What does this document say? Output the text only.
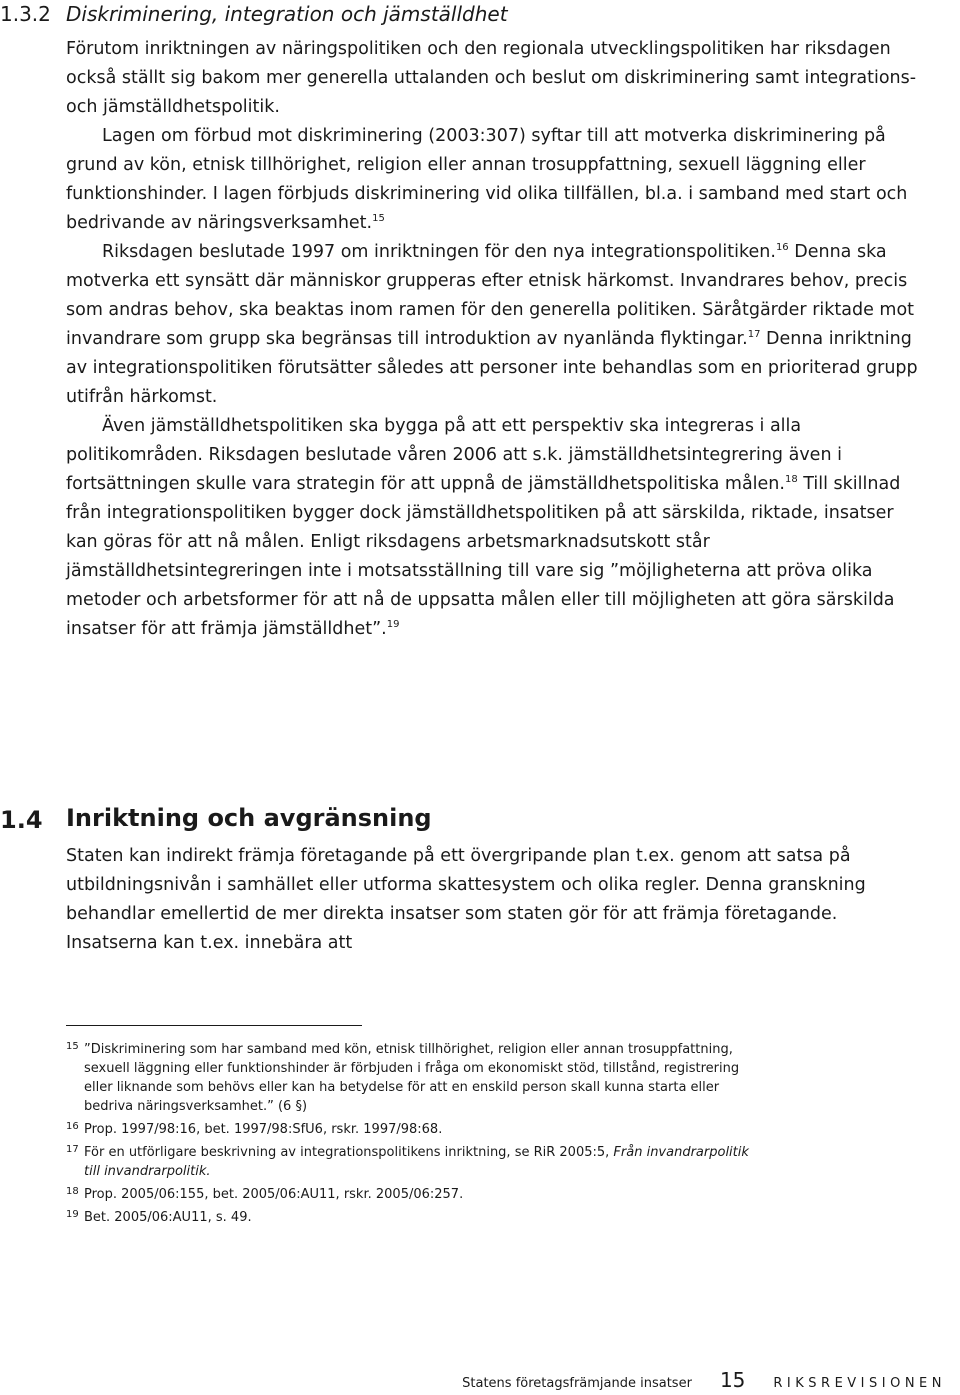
1.3.2 Diskriminering, integration och jämställdhet

Förutom inriktningen av näringspolitiken och den regionala utvecklingspolitiken har riksdagen också ställt sig bakom mer generella uttalanden och beslut om diskriminering samt integrations- och jämställdhetspolitik.

Lagen om förbud mot diskriminering (2003:307) syftar till att motverka diskriminering på grund av kön, etnisk tillhörighet, religion eller annan trosuppfattning, sexuell läggning eller funktionshinder. I lagen förbjuds diskriminering vid olika tillfällen, bl.a. i samband med start och bedrivande av näringsverksamhet.$^{15}$

Riksdagen beslutade 1997 om inriktningen för den nya integrationspolitiken.$^{16}$ Denna ska motverka ett synsätt där människor grupperas efter etnisk härkomst. Invandrares behov, precis som andras behov, ska beaktas inom ramen för den generella politiken. Säråtgärder riktade mot invandrare som grupp ska begränsas till introduktion av nyanlända flyktingar.$^{17}$ Denna inriktning av integrationspolitiken förutsätter således att personer inte behandlas som en prioriterad grupp utifrån härkomst.

Även jämställdhetspolitiken ska bygga på att ett perspektiv ska integreras i alla politikområden. Riksdagen beslutade våren 2006 att s.k. jämställdhetsintegrering även i fortsättningen skulle vara strategin för att uppnå de jämställdhetspolitiska målen.$^{18}$ Till skillnad från integrationspolitiken bygger dock jämställdhetspolitiken på att särskilda, riktade, insatser kan göras för att nå målen. Enligt riksdagens arbetsmarknadsutskott står jämställdhetsintegreringen inte i motsatsställning till vare sig ”möjligheterna att pröva olika metoder och arbetsformer för att nå de uppsatta målen eller till möjligheten att göra särskilda insatser för att främja jämställdhet”.$^{19}$

1.4 Inriktning och avgränsning

Staten kan indirekt främja företagande på ett övergripande plan t.ex. genom att satsa på utbildningsnivån i samhället eller utforma skattesystem och olika regler. Denna granskning behandlar emellertid de mer direkta insatser som staten gör för att främja företagande. Insatserna kan t.ex. innebära att

15 ”Diskriminering som har samband med kön, etnisk tillhörighet, religion eller annan trosuppfattning, sexuell läggning eller funktionshinder är förbjuden i fråga om ekonomiskt stöd, tillstånd, registrering eller liknande som behövs eller kan ha betydelse för att en enskild person skall kunna starta eller bedriva näringsverksamhet.” (6 §)
16 Prop. 1997/98:16, bet. 1997/98:SfU6, rskr. 1997/98:68.
17 För en utförligare beskrivning av integrationspolitikens inriktning, se RiR 2005:5, Från invandrarpolitik till invandrarpolitik.
18 Prop. 2005/06:155, bet. 2005/06:AU11, rskr. 2005/06:257.
19 Bet. 2005/06:AU11, s. 49.
Statens företagsfrämjande insatser 15 RIKSREVISIONEN
